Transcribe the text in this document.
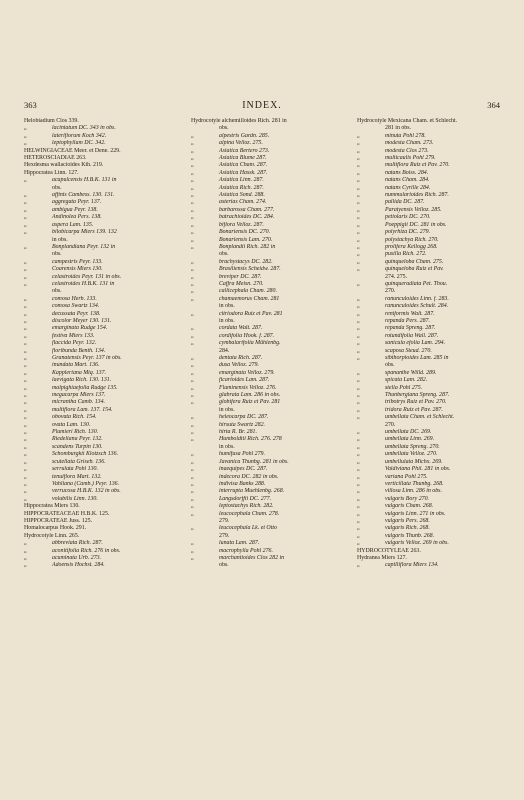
363	INDEX.	364
Helobiadium Clos 339.
„	laciniatum DC. 343 in obs.
„	lateriflorum Koch 342.
„	leptophyllum DC. 342.
HELWINGIACEAE Meer. et Dene. 229.
HETEROSCIADIAE 263.
Hexdesma wallacioides Kth. 219.
Hippocratea Linn. 127.
„	acapulcensis H.B.K. 131 in
obs.
„	affinis Cambess. 130. 131.
„	aggregata Peyr. 137.
„	ambigua Peyr. 138.
„	Andinolea Pers. 138.
„	aspera Lam. 135.
„	bilobicarpa Miers 139. 132
in obs.
„	Bonplandiana Peyr. 132 in
obs.
„	campestris Peyr. 133.
„	Coarensis Miers 130.
„	celastroides Peyr. 131 in obs.
„	celastroides H.B.K. 131 in
obs.
„	comosa Herb. 133.
„	comosa Swartz 134.
„	decussata Peyr. 138.
„	discolor Meyer 130. 131.
„	emarginata Rudge 154.
„	festiva Miers 133.
„	flaccida Peyr. 132.
„	floribunda Benth. 134.
„	Granatensis Peyr. 137 in obs.
„	inundata Mart. 136.
„	Kappleriana Miq. 137.
„	laevigata Rich. 130. 131.
„	malpighiaefolia Rudge 135.
„	megacarpa Miers 137.
„	micrantha Camb. 134.
„	multiflora Lam. 137. 154.
„	obovata Rich. 154.
„	ovata Lam. 130.
„	Plumieri Rich. 130.
„	Riedeliana Peyr. 132.
„	scandens Turpin 130.
„	Schomburgkii Klotzsch 136.
„	scutellata Griseb. 136.
„	serrulata Pohl 130.
„	tenuiflora Mart. 132.
„	Vahliana (Camb.) Peyr. 136.
„	verrucosa H.B.K. 132 in obs.
„	volubilis Linn. 130.
Hippocratea Miers 130.
HIPPOCRATEACEAE H.B.K. 125.
HIPPOCRATEAE Juss. 125.
Homalocarpus Hook. 291.
Hydrocotyle Linn. 265.
„	abbreviata Rich. 287.
„	aconitifolia Rich. 276 in obs.
„	acuminata Urb. 273.
„	Adoensis Hochst. 284.
Hydrocotyle alchemilloides Rich. 281 in
obs.
„	alpestris Gardn. 285.
„	alpina Velloz. 275.
„	Asiatica Bertero 273.
„	Asiatica Blume 287.
„	Asiatica Cham. 287.
„	Asiatica Hassk. 287.
„	Asiatica Linn. 287.
„	Asiatica Rich. 287.
„	Asiatica Sond. 288.
„	asterias Cham. 274.
„	barbarossa Cham. 277.
„	batrachioides DC. 284.
„	biflora Velloz. 287.
„	Bonariensis DC. 270.
„	Bonariensis Lam. 270.
„	Bonplandii Rich. 282 in
obs.
„	brachystacys DC. 282.
„	Brasiliensis Scheidw. 287.
„	breviper DC. 287.
„	Caffra Meisn. 270.
„	callicephala Cham. 280.
„	chamaemorus Cham. 281
in obs.
„	citriodora Ruiz et Pav. 281
in obs.
„	cordata Walt. 287.
„	cordifolia Hook. f. 287.
„	cymbalarifolia Mühlenbg.
284.
„	dentata Rich. 287.
„	dusa Velloz. 279.
„	emarginata Velloz. 279.
„	ficarioides Lam. 287.
„	Fluminensis Velloz. 276.
„	glabrata Lam. 286 in obs.
„	globifera Ruiz et Pav. 281
in obs.
„	heleocarpa DC. 287.
„	hirsuta Swartz 282.
„	hirta R. Br. 281.
„	Humboldtii Rich. 276. 278
in obs.
„	humifusa Pohl 279.
„	Javanica Thunbg. 281 in obs.
„	inaequipes DC. 287.
„	indecora DC. 282 in obs.
„	indivisa Banks 288.
„	interrupta Muehlenbg. 268.
„	Langsdorffii DC. 277.
„	leptostachys Rich. 282.
„	leucocephala Cham. 278.
279.
„	leucocephala Lk. et Otto
279.
„	lunata Lam. 287.
„	macrophylla Pohl 276.
„	marchantioides Clos 282 in
obs.
Hydrocotyle Mexicana Cham. et Schlecht.
281 in obs.
„	minuta Pohl 278.
„	modesta Cham. 273.
„	modesta Clos 273.
„	multicaulis Pohl 279.
„	multiflora Ruiz et Pav. 270.
„	natans Boiss. 284.
„	natans Cham. 284.
„	natans Cyrille 284.
„	nummularioides Rich. 287.
„	pallida DC. 287.
„	Paratyensis Velloz. 285.
„	petiolaris DC. 270.
„	Poeppigii DC. 281 in obs.
„	polyrhiza DC. 279.
„	polystachya Rich. 270.
„	prolifera Kellogg 268.
„	pusilla Rich. 272.
„	quinqueloba Cham. 275.
„	quinqueloba Ruiz et Pav.
274. 275.
„	quinqueradiata Pet. Thou.
270.
„	ranunculoides Linn. f. 283.
„	ranunculoides Schult. 284.
„	reniformis Walt. 287.
„	repanda Pers. 287.
„	repanda Spreng. 287.
„	rotundifolia Wall. 287.
„	sanicula efolia Lam. 294.
„	scaposa Steud. 270.
„	sibthorpioides Lam. 285 in
obs.
„	spananthe Willd. 289.
„	spicata Lam. 282.
„	stella Pohl 275.
„	Thunbergiana Spreng. 287.
„	tribotrys Ruiz et Pav. 270.
„	tridora Ruiz et Pav. 287.
„	umbellata Cham. et Schlecht.
270.
„	umbellata DC. 269.
„	umbellata Linn. 269.
„	umbellata Spreng. 270.
„	umbellata Velloz. 270.
„	umbellulata Michx. 269.
„	Valdiviana Phil. 281 in obs.
„	variana Pohl 275.
„	verticillata Thunbg. 268.
„	villosa Linn. 286 in obs.
„	vulgaris Bory 270.
„	vulgaris Cham. 268.
„	vulgaris Linn. 271 in obs.
„	vulgaris Pers. 268.
„	vulgaris Rich. 268.
„	vulgaris Thunb. 268.
„	vulgaris Velloz. 269 in obs.
HYDROCOTYLEAE 263.
Hydranea Miers 127.
„	capilliflora Miers 134.
